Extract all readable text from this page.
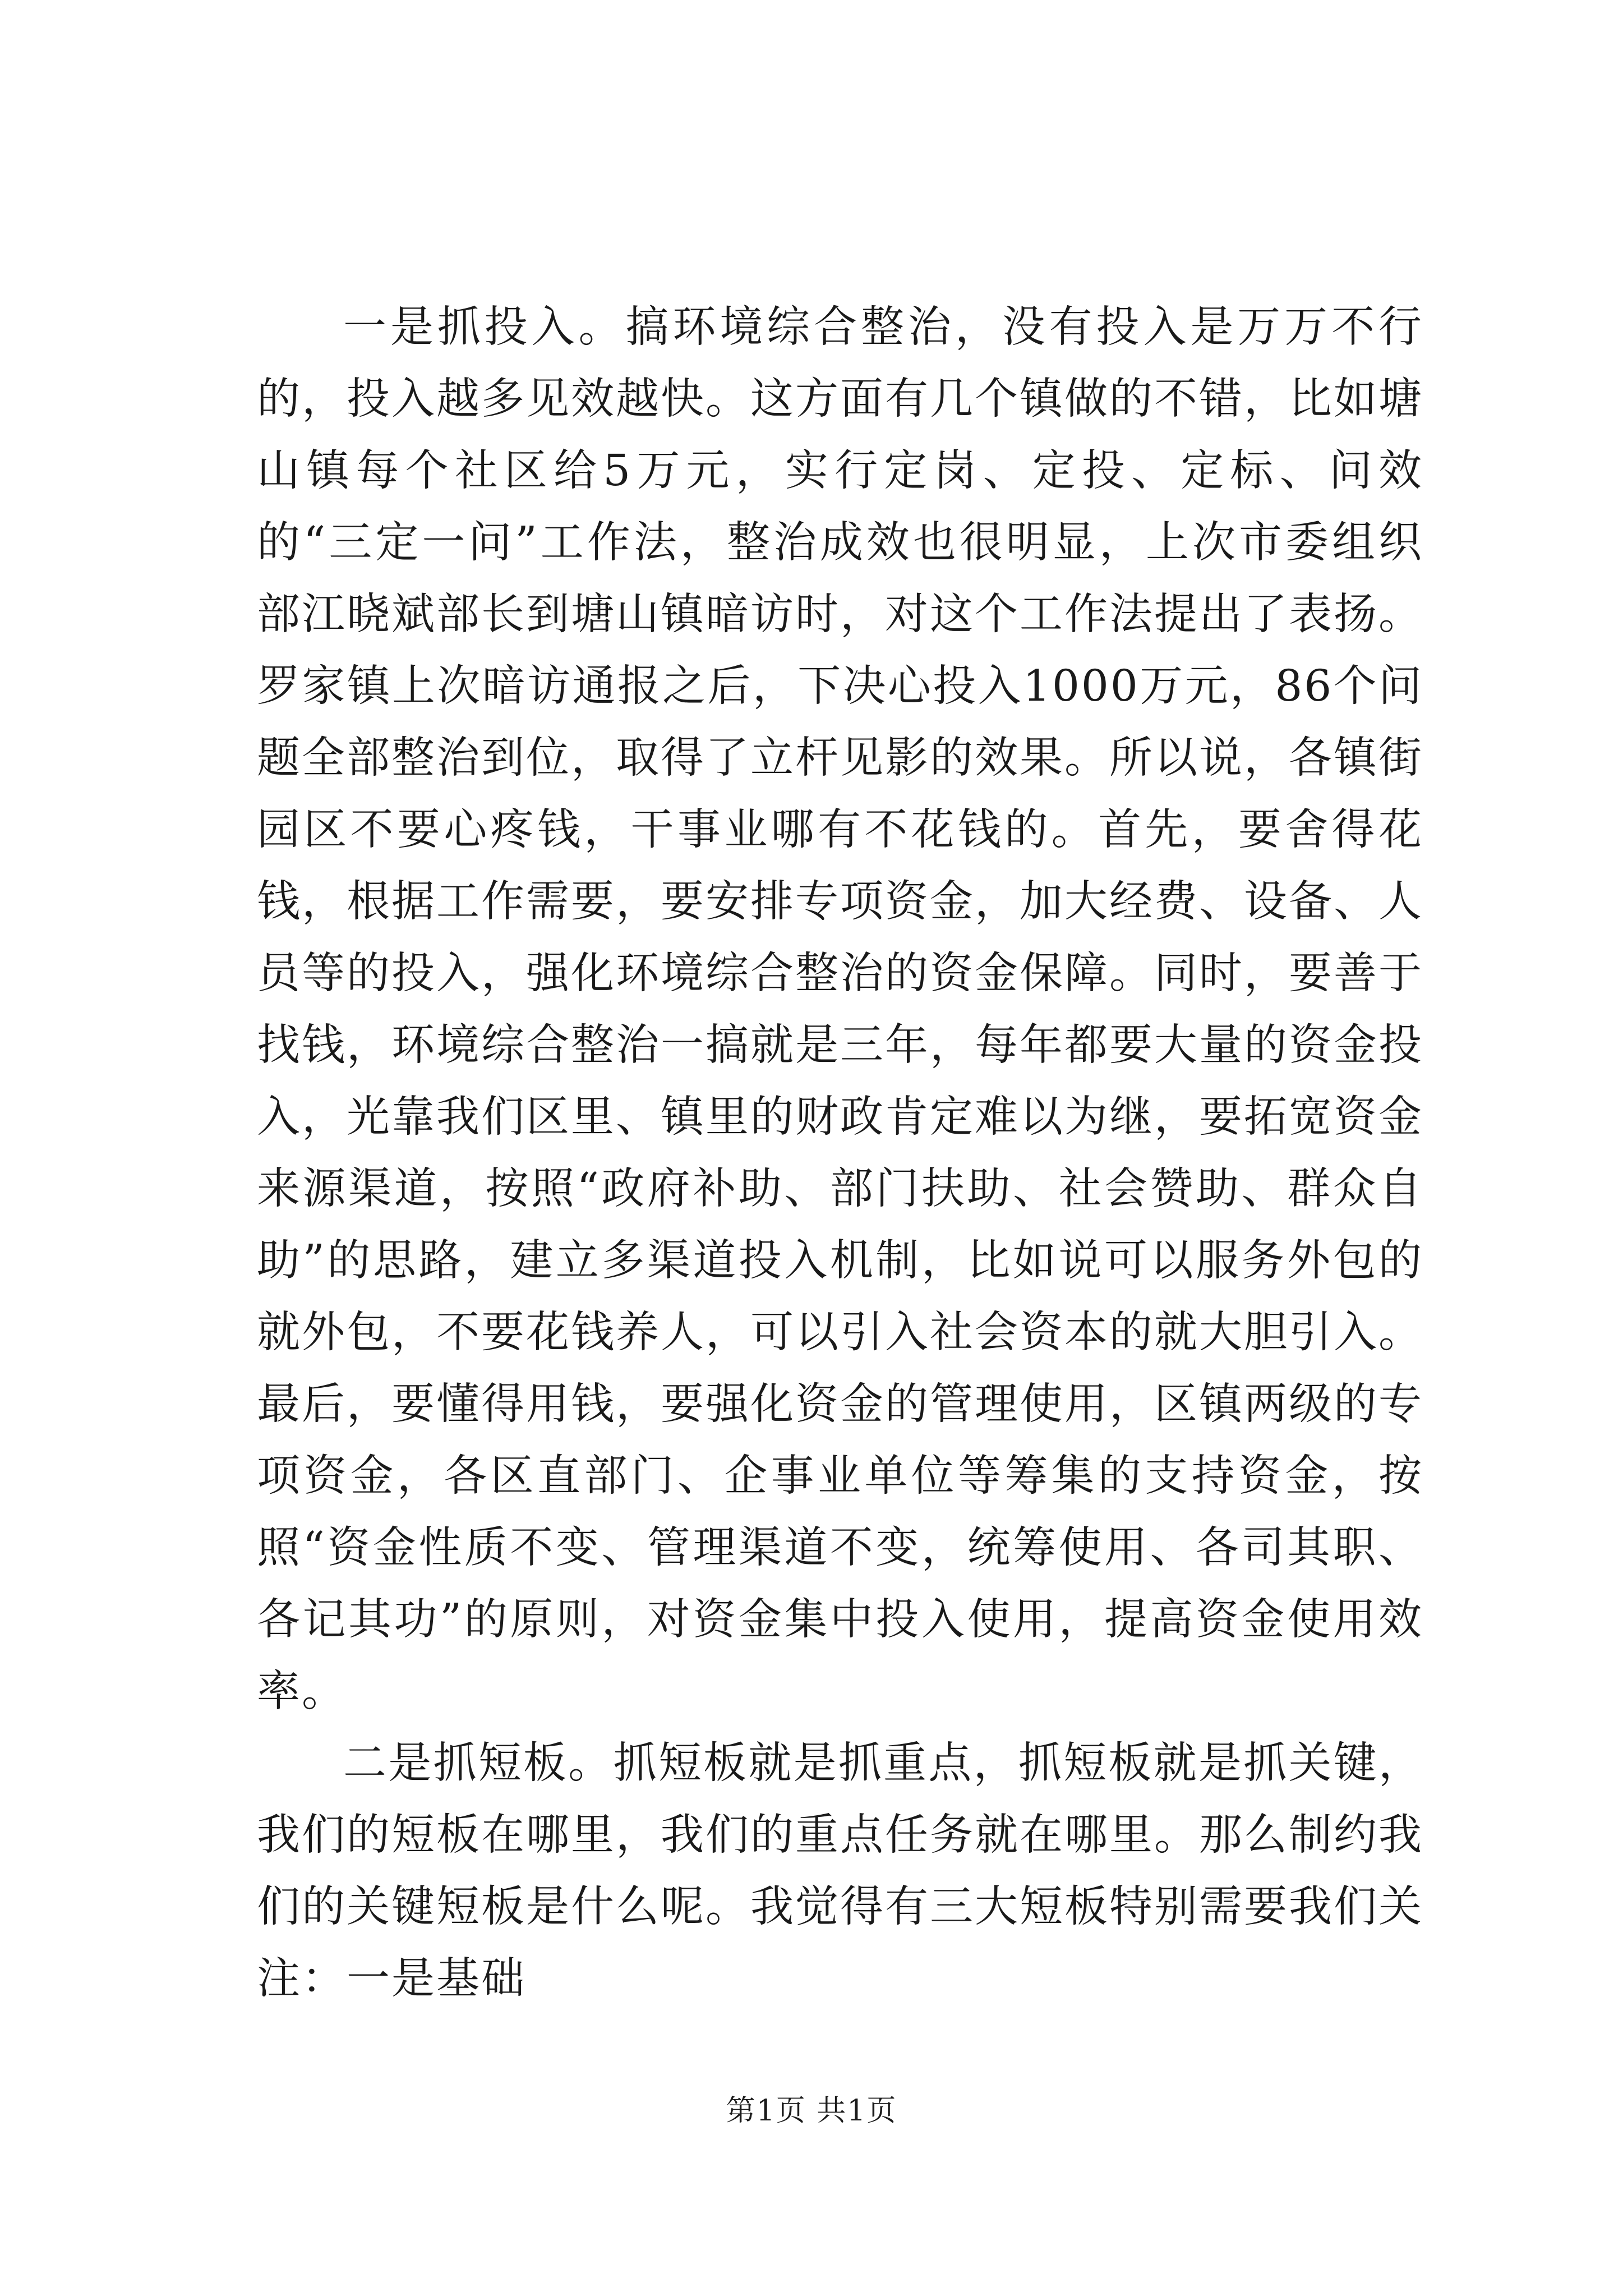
一是抓投入。搞环境综合整治，没有投入是万万不行的，投入越多见效越快。这方面有几个镇做的不错，比如塘山镇每个社区给5万元，实行定岗、定投、定标、问效的“三定一问”工作法，整治成效也很明显，上次市委组织部江晓斌部长到塘山镇暗访时，对这个工作法提出了表扬。罗家镇上次暗访通报之后，下决心投入1000万元，86个问题全部整治到位，取得了立杆见影的效果。所以说，各镇街园区不要心疼钱，干事业哪有不花钱的。首先，要舍得花钱，根据工作需要，要安排专项资金，加大经费、设备、人员等的投入，强化环境综合整治的资金保障。同时，要善于找钱，环境综合整治一搞就是三年，每年都要大量的资金投入，光靠我们区里、镇里的财政肯定难以为继，要拓宽资金来源渠道，按照“政府补助、部门扶助、社会赞助、群众自助”的思路，建立多渠道投入机制，比如说可以服务外包的就外包，不要花钱养人，可以引入社会资本的就大胆引入。最后，要懂得用钱，要强化资金的管理使用，区镇两级的专项资金，各区直部门、企事业单位等筹集的支持资金，按照“资金性质不变、管理渠道不变，统筹使用、各司其职、各记其功”的原则，对资金集中投入使用，提高资金使用效率。

二是抓短板。抓短板就是抓重点，抓短板就是抓关键，我们的短板在哪里，我们的重点任务就在哪里。那么制约我们的关键短板是什么呢。我觉得有三大短板特别需要我们关注：一是基础

第1页 共1页
